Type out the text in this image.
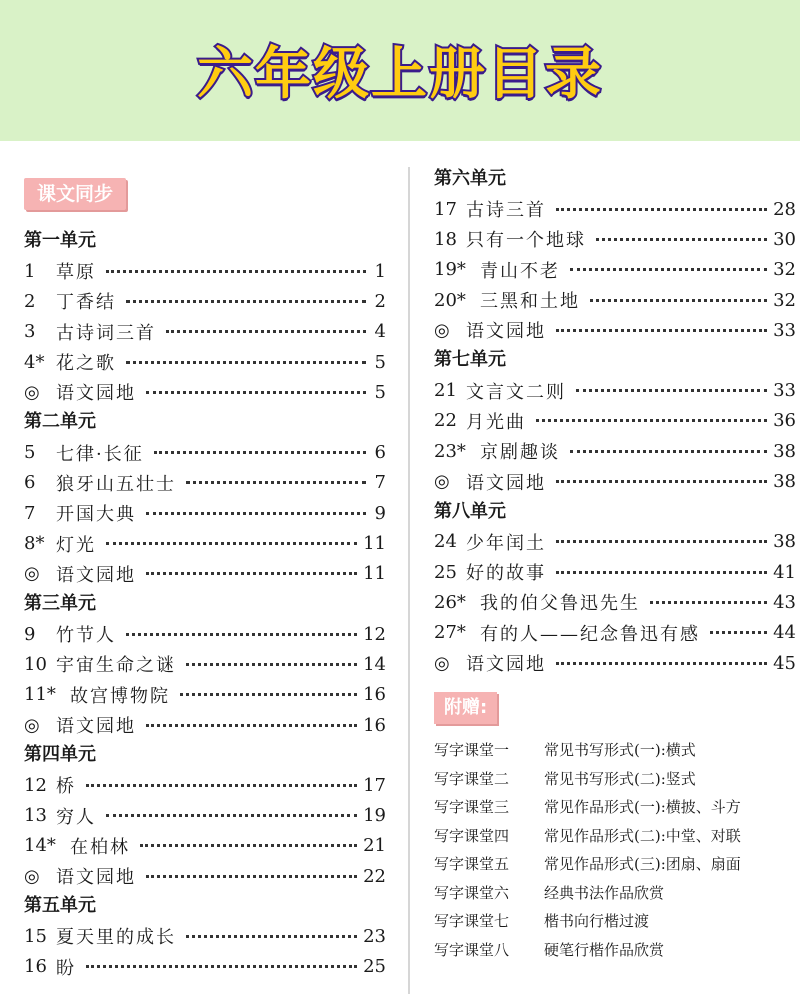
六年级上册目录
课文同步
第一单元
1	草原	1
2	丁香结	2
3	古诗词三首	4
4* 花之歌	5
◎ 语文园地	5
第二单元
5	七律·长征	6
6	狼牙山五壮士	7
7	开国大典	9
8* 灯光	11
◎ 语文园地	11
第三单元
9	竹节人	12
10 宇宙生命之谜	14
11* 故宫博物院	16
◎ 语文园地	16
第四单元
12 桥	17
13 穷人	19
14* 在柏林	21
◎ 语文园地	22
第五单元
15 夏天里的成长	23
16 盼	25
第六单元
17 古诗三首	28
18 只有一个地球	30
19* 青山不老	32
20* 三黑和土地	32
◎ 语文园地	33
第七单元
21 文言文二则	33
22 月光曲	36
23* 京剧趣谈	38
◎ 语文园地	38
第八单元
24 少年闰土	38
25 好的故事	41
26* 我的伯父鲁迅先生	43
27* 有的人——纪念鲁迅有感	44
◎ 语文园地	45
附赠:
写字课堂一	常见书写形式(一):横式
写字课堂二	常见书写形式(二):竖式
写字课堂三	常见作品形式(一):横披、斗方
写字课堂四	常见作品形式(二):中堂、对联
写字课堂五	常见作品形式(三):团扇、扇面
写字课堂六	经典书法作品欣赏
写字课堂七	楷书向行楷过渡
写字课堂八	硬笔行楷作品欣赏
